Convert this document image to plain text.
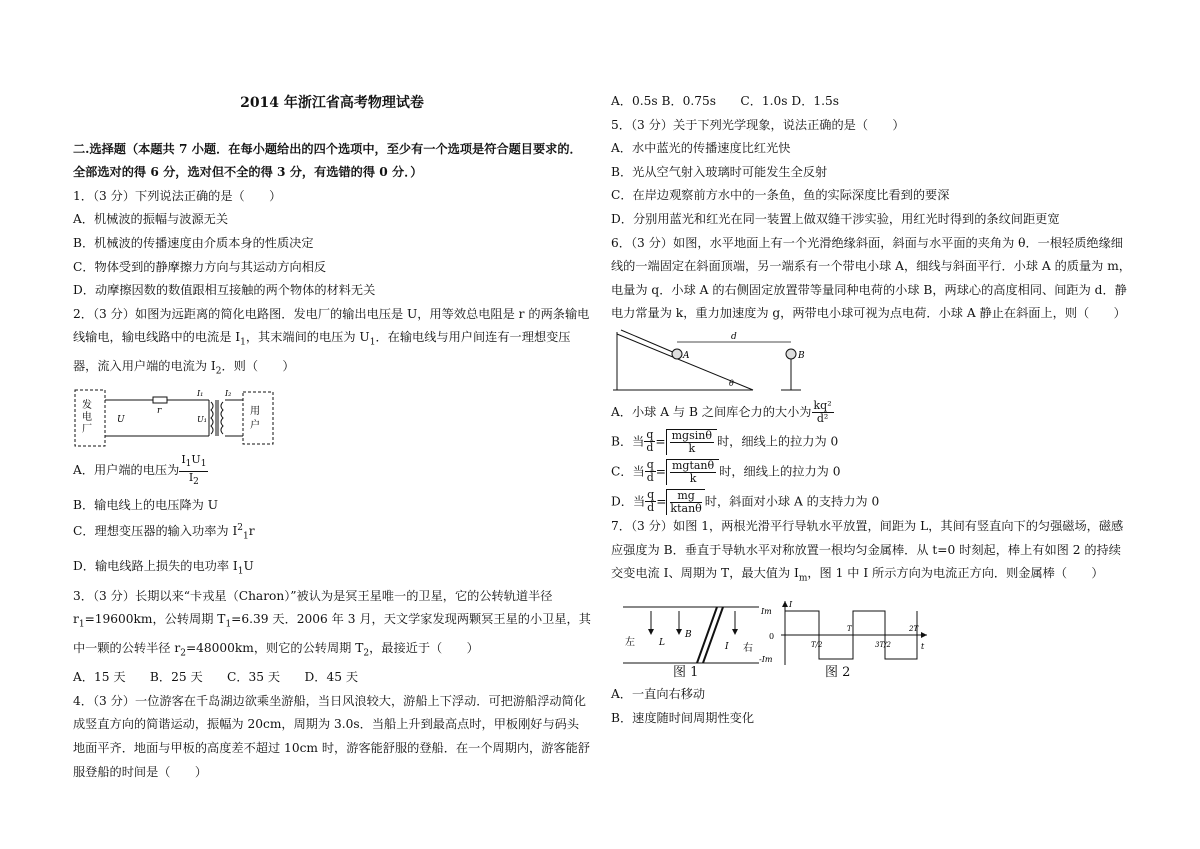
2014 年浙江省高考物理试卷

二.选择题（本题共 7 小题．在每小题给出的四个选项中，至少有一个选项是符合题目要求的．全部选对的得 6 分，选对但不全的得 3 分，有选错的得 0 分．）

1．（3 分）下列说法正确的是（　　）

A．机械波的振幅与波源无关

B．机械波的传播速度由介质本身的性质决定

C．物体受到的静摩擦力方向与其运动方向相反

D．动摩擦因数的数值跟相互接触的两个物体的材料无关

2．（3 分）如图为远距离的简化电路图．发电厂的输出电压是 U，用等效总电阻是 r 的两条输电线输电，输电线路中的电流是 $I_1$，其末端间的电压为 $U_1$．在输电线与用户间连有一理想变压器，流入用户端的电流为 $I_2$．则（　　）

发
电
厂
r
U
I₁
U₁
I₂
用
户

A．用户端的电压为 $\frac{I_1U_1}{I_2}$

B．输电线上的电压降为 U

C．理想变压器的输入功率为 $I^2_1r$

D．输电线路上损失的电功率 $I_1U$

3．（3 分）长期以来“卡戎星（Charon）”被认为是冥王星唯一的卫星，它的公转轨道半径 $r_1=19600km$，公转周期 $T_1=6.39$ 天．2006 年 3 月，天文学家发现两颗冥王星的小卫星，其中一颗的公转半径 $r_2=48000km$，则它的公转周期 $T_2$，最接近于（　　）

A．15 天　　B．25 天　　C．35 天　　D．45 天

4．（3 分）一位游客在千岛湖边欲乘坐游船，当日风浪较大，游船上下浮动．可把游船浮动简化成竖直方向的简谐运动，振幅为 20cm，周期为 3.0s．当船上升到最高点时，甲板刚好与码头地面平齐．地面与甲板的高度差不超过 10cm 时，游客能舒服的登船．在一个周期内，游客能舒服登船的时间是（　　）

A．0.5s B．0.75s　　C．1.0s D．1.5s

5．（3 分）关于下列光学现象，说法正确的是（　　）

A．水中蓝光的传播速度比红光快

B．光从空气射入玻璃时可能发生全反射

C．在岸边观察前方水中的一条鱼，鱼的实际深度比看到的要深

D．分别用蓝光和红光在同一装置上做双缝干涉实验，用红光时得到的条纹间距更宽

6．（3 分）如图，水平地面上有一个光滑绝缘斜面，斜面与水平面的夹角为 θ．一根轻质绝缘细线的一端固定在斜面顶端，另一端系有一个带电小球 A，细线与斜面平行．小球 A 的质量为 m，电量为 q．小球 A 的右侧固定放置带等量同种电荷的小球 B，两球心的高度相同、间距为 d．静电力常量为 k，重力加速度为 g，两带电小球可视为点电荷．小球 A 静止在斜面上，则（　　）

A	B
d
θ

A．小球 A 与 B 之间库仑力的大小为 $\frac{\text{kq²}}{\text{d²}}$

B．当 $\frac{q}{d} = \frac{mgsin\theta}{k}$ 时，细线上的拉力为 0

C．当 $\frac{q}{d} = \frac{mgtan\theta}{k}$ 时，细线上的拉力为 0

D．当 $\frac{q}{d} = \frac{mg}{ktan\theta}$ 时，斜面对小球 A 的支持力为 0

7．（3 分）如图 1，两根光滑平行导轨水平放置，间距为 L，其间有竖直向下的匀强磁场，磁感应强度为 B．垂直于导轨水平对称放置一根均匀金属棒．从 t=0 时刻起，棒上有如图 2 的持续交变电流 I、周期为 T，最大值为 $I_m$，图 1 中 I 所示方向为电流正方向．则金属棒（　　）

左
右
L
B
I
图 1
Im
-Im
0
I
t
T/2
T
3T/2
2T
图 2

A．一直向右移动

B．速度随时间周期性变化
